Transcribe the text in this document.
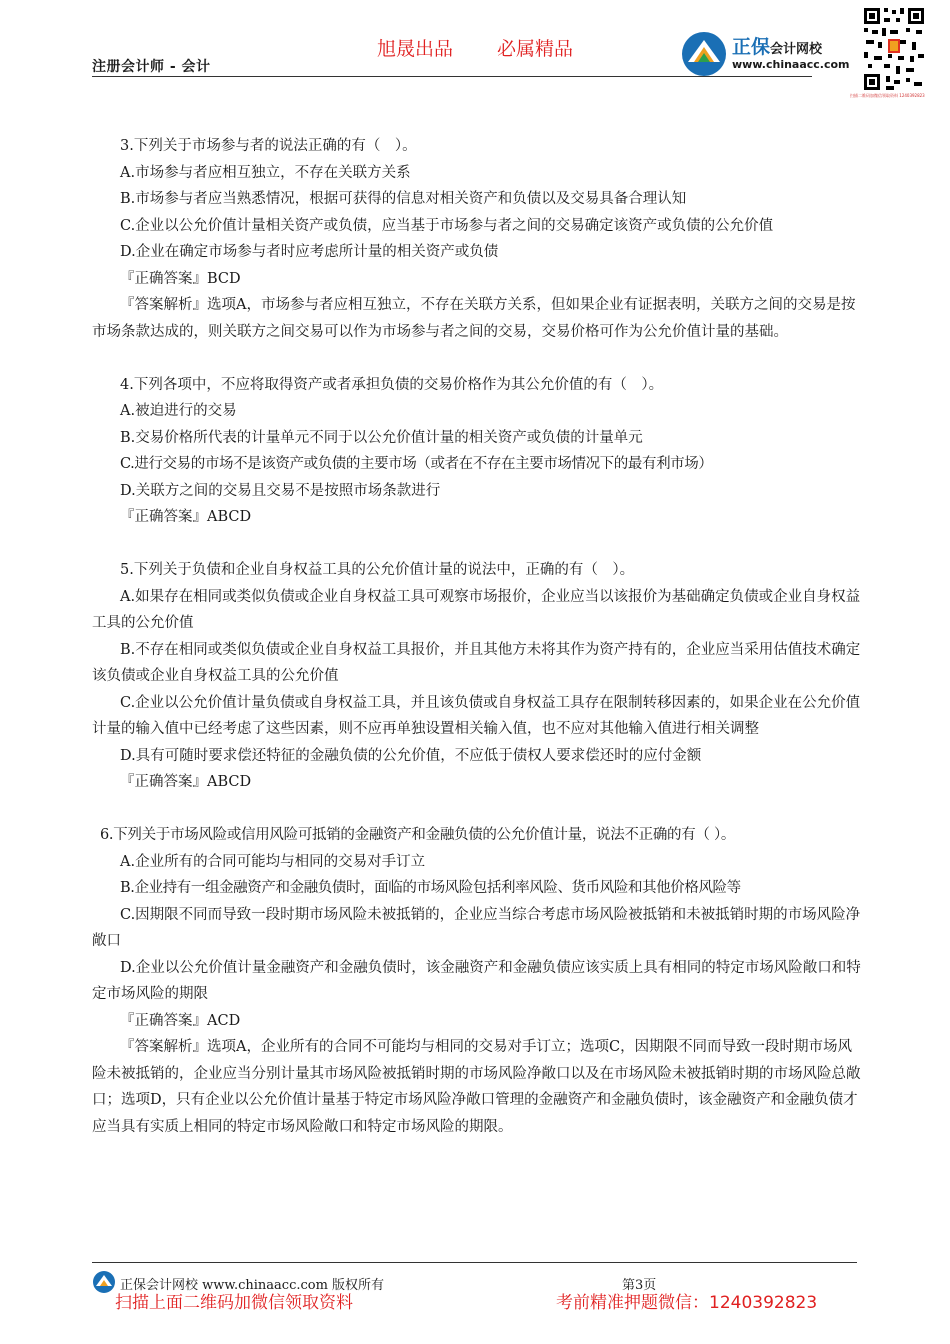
注册会计师 - 会计
旭晟出品 必属精品	正保会计网校
www.chinaacc.com
扫描二维码加微信领取资料 1240392823

3.下列关于市场参与者的说法正确的有（　）。

A.市场参与者应相互独立，不存在关联方关系

B.市场参与者应当熟悉情况，根据可获得的信息对相关资产和负债以及交易具备合理认知

C.企业以公允价值计量相关资产或负债，应当基于市场参与者之间的交易确定该资产或负债的公允价值

D.企业在确定市场参与者时应考虑所计量的相关资产或负债

『正确答案』BCD

『答案解析』选项A，市场参与者应相互独立，不存在关联方关系，但如果企业有证据表明，关联方之间的交易是按市场条款达成的，则关联方之间交易可以作为市场参与者之间的交易，交易价格可作为公允价值计量的基础。

4.下列各项中，不应将取得资产或者承担负债的交易价格作为其公允价值的有（　）。

A.被迫进行的交易

B.交易价格所代表的计量单元不同于以公允价值计量的相关资产或负债的计量单元

C.进行交易的市场不是该资产或负债的主要市场（或者在不存在主要市场情况下的最有利市场）

D.关联方之间的交易且交易不是按照市场条款进行

『正确答案』ABCD

5.下列关于负债和企业自身权益工具的公允价值计量的说法中，正确的有（　）。

A.如果存在相同或类似负债或企业自身权益工具可观察市场报价，企业应当以该报价为基础确定负债或企业自身权益工具的公允价值

B.不存在相同或类似负债或企业自身权益工具报价，并且其他方未将其作为资产持有的，企业应当采用估值技术确定该负债或企业自身权益工具的公允价值

C.企业以公允价值计量负债或自身权益工具，并且该负债或自身权益工具存在限制转移因素的，如果企业在公允价值计量的输入值中已经考虑了这些因素，则不应再单独设置相关输入值，也不应对其他输入值进行相关调整

D.具有可随时要求偿还特征的金融负债的公允价值，不应低于债权人要求偿还时的应付金额

『正确答案』ABCD

6.下列关于市场风险或信用风险可抵销的金融资产和金融负债的公允价值计量，说法不正确的有（ ）。

A.企业所有的合同可能均与相同的交易对手订立

B.企业持有一组金融资产和金融负债时，面临的市场风险包括利率风险、货币风险和其他价格风险等

C.因期限不同而导致一段时期市场风险未被抵销的，企业应当综合考虑市场风险被抵销和未被抵销时期的市场风险净敞口

D.企业以公允价值计量金融资产和金融负债时，该金融资产和金融负债应该实质上具有相同的特定市场风险敞口和特定市场风险的期限

『正确答案』ACD

『答案解析』选项A，企业所有的合同不可能均与相同的交易对手订立；选项C，因期限不同而导致一段时期市场风险未被抵销的，企业应当分别计量其市场风险被抵销时期的市场风险净敞口以及在市场风险未被抵销时期的市场风险总敞口；选项D，只有企业以公允价值计量基于特定市场风险净敞口管理的金融资产和金融负债时，该金融资产和金融负债才应当具有实质上相同的特定市场风险敞口和特定市场风险的期限。

正保会计网校 www.chinaacc.com 版权所有	第3页
扫描上面二维码加微信领取资料	考前精准押题微信：1240392823
